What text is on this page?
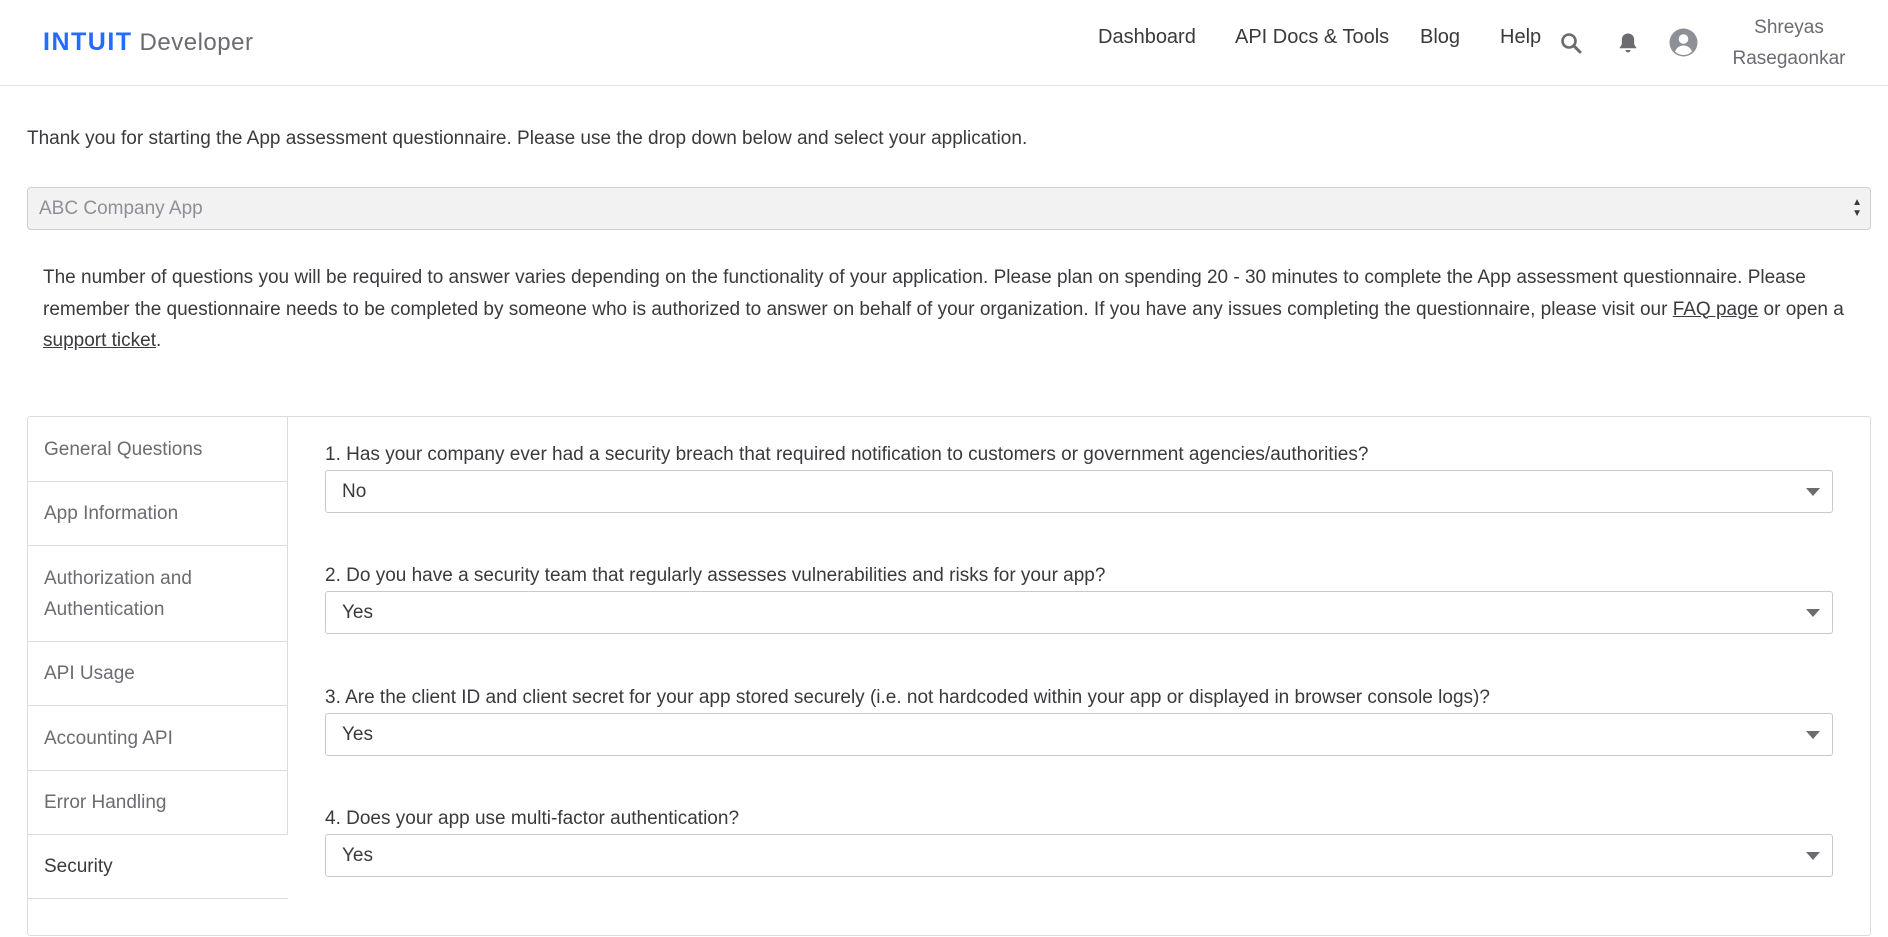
INTUIT Developer	Dashboard API Docs & Tools Blog Help	Shreyas
Rasegaonkar
Thank you for starting the App assessment questionnaire. Please use the drop down below and select your application.
ABC Company App	▲
▼
The number of questions you will be required to answer varies depending on the functionality of your application. Please plan on spending 20 - 30 minutes to complete the App assessment questionnaire. Please remember the questionnaire needs to be completed by someone who is authorized to answer on behalf of your organization. If you have any issues completing the questionnaire, please visit our FAQ page or open a support ticket.
General Questions
App Information
Authorization and Authentication
API Usage
Accounting API
Error Handling
Security
1. Has your company ever had a security breach that required notification to customers or government agencies/authorities?
No
2. Do you have a security team that regularly assesses vulnerabilities and risks for your app?
Yes
3. Are the client ID and client secret for your app stored securely (i.e. not hardcoded within your app or displayed in browser console logs)?
Yes
4. Does your app use multi-factor authentication?
Yes
